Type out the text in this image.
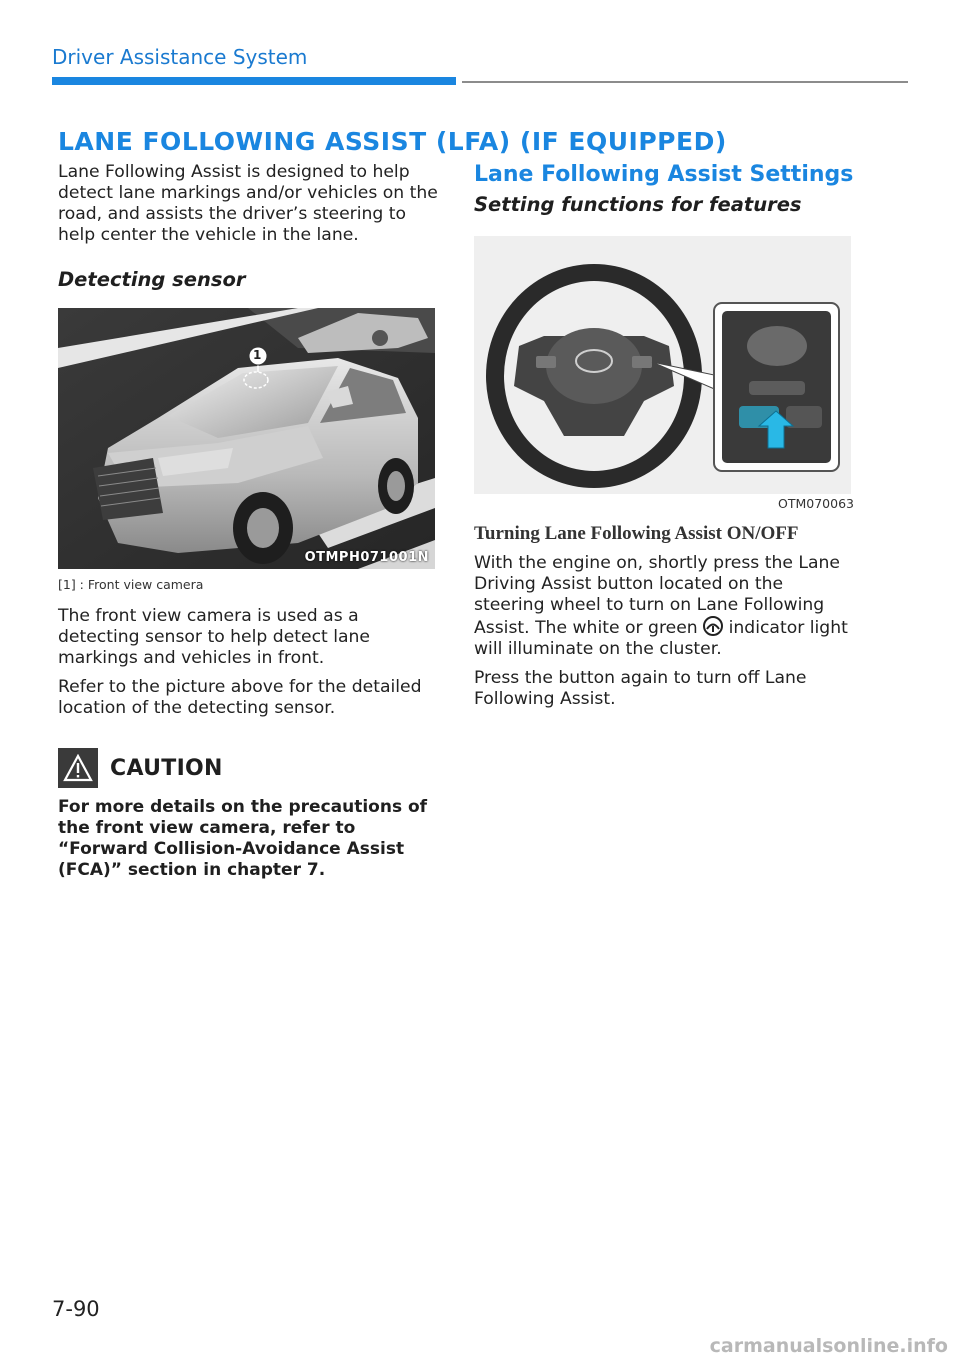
Driver Assistance System
LANE FOLLOWING ASSIST (LFA) (IF EQUIPPED)

Lane Following Assist is designed to help detect lane markings and/or vehicles on the road, and assists the driver’s steering to help center the vehicle in the lane.

Detecting sensor
1
OTMPH071001N
[1] : Front view camera

The front view camera is used as a detecting sensor to help detect lane markings and vehicles in front.

Refer to the picture above for the detailed location of the detecting sensor.

CAUTION

For more details on the precautions of the front view camera, refer to “Forward Collision-Avoidance Assist (FCA)” section in chapter 7.

Lane Following Assist Settings
Setting functions for features
OTM070063
Turning Lane Following Assist ON/OFF

With the engine on, shortly press the Lane Driving Assist button located on the steering wheel to turn on Lane Following Assist. The white or green indicator light will illuminate on the cluster.

Press the button again to turn off Lane Following Assist.

7-90
carmanualsonline.info
